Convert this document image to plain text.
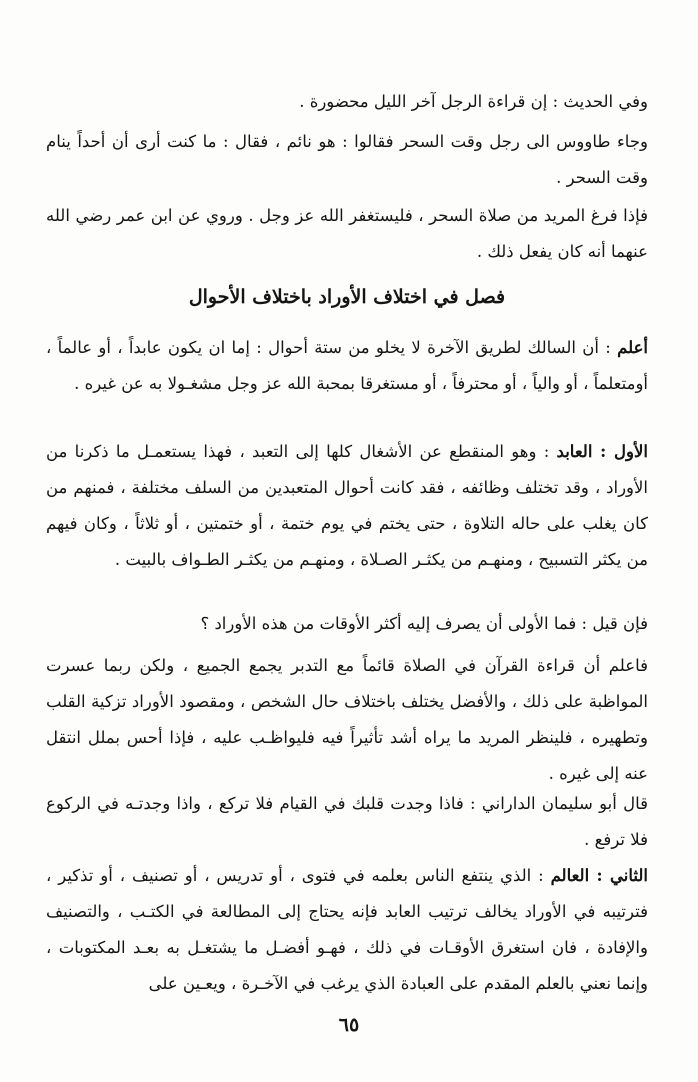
وفي الحديث : إن قراءة الرجل آخر الليل محضورة .

وجاء طاووس الى رجل وقت السحر فقالوا : هو نائم ، فقال : ما كنت أرى أن أحداً ينام وقت السحر .

فإذا فرغ المريد من صلاة السحر ، فليستغفر الله عز وجل . وروي عن ابن عمر رضي الله عنهما أنه كان يفعل ذلك .

فصل في اختلاف الأوراد باختلاف الأحوال

أعلم : أن السالك لطريق الآخرة لا يخلو من ستة أحوال : إما ان يكون عابداً ، أو عالماً ، أومتعلماً ، أو والياً ، أو محترفاً ، أو مستغرقا بمحبة الله عز وجل مشغـولا به عن غيره .

الأول : العابد : وهو المنقطع عن الأشغال كلها إلى التعبد ، فهذا يستعمـل ما ذكرنا من الأوراد ، وقد تختلف وظائفه ، فقد كانت أحوال المتعبدين من السلف مختلفة ، فمنهم من كان يغلب على حاله التلاوة ، حتى يختم في يوم ختمة ، أو ختمتين ، أو ثلاثاً ، وكان فيهم من يكثر التسبيح ، ومنهـم من يكثـر الصـلاة ، ومنهـم من يكثـر الطـواف بالبيت .

فإن قيل : فما الأولى أن يصرف إليه أكثر الأوقات من هذه الأوراد ؟

فاعلم أن قراءة القرآن في الصلاة قائماً مع التدبر يجمع الجميع ، ولكن ربما عسرت المواظبة على ذلك ، والأفضل يختلف باختلاف حال الشخص ، ومقصود الأوراد تزكية القلب وتطهيره ، فلينظر المريد ما يراه أشد تأثيراً فيه فليواظـب عليه ، فإذا أحس بملل انتقل عنه إلى غيره .

قال أبو سليمان الداراني : فاذا وجدت قلبك في القيام فلا تركع ، واذا وجدتـه في الركوع فلا ترفع .

الثاني : العالم : الذي ينتفع الناس بعلمه في فتوى ، أو تدريس ، أو تصنيف ، أو تذكير ، فترتيبه في الأوراد يخالف ترتيب العابد فإنه يحتاج إلى المطالعة في الكتـب ، والتصنيف والإفادة ، فان استغرق الأوقـات في ذلك ، فهـو أفضـل ما يشتغـل به بعـد المكتوبات ، وإنما نعني بالعلم المقدم على العبادة الذي يرغب في الآخـرة ، ويعـين على

٦٥
